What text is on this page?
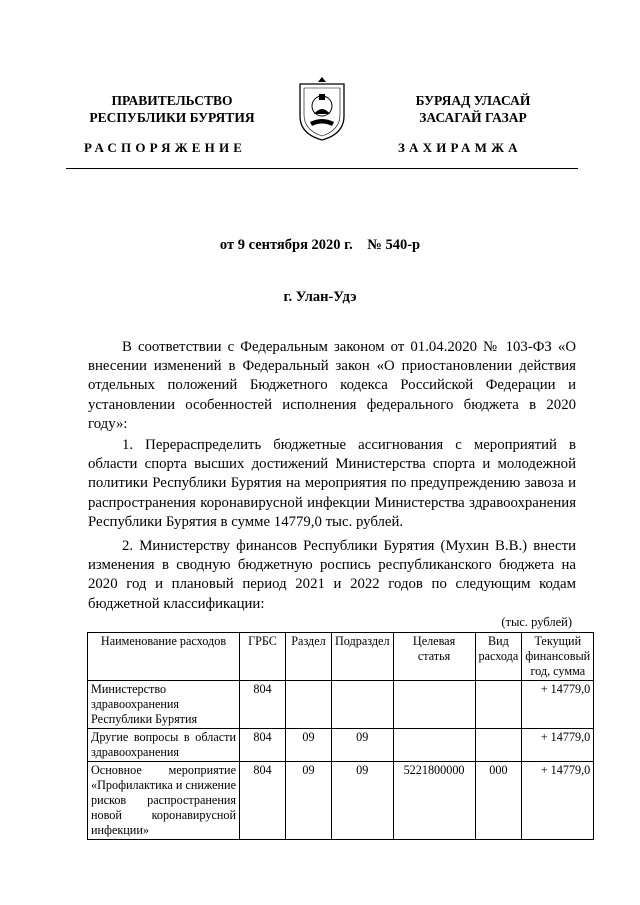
ПРАВИТЕЛЬСТВО
РЕСПУБЛИКИ БУРЯТИЯ
РАСПОРЯЖЕНИЕ
БУРЯАД УЛАСАЙ
ЗАСАГАЙ ГАЗАР
ЗАХИРАМЖА
от 9 сентября 2020 г.    № 540-р
г. Улан-Удэ
В соответствии с Федеральным законом от 01.04.2020 № 103-ФЗ «О внесении изменений в Федеральный закон «О приостановлении действия отдельных положений Бюджетного кодекса Российской Федерации и установлении особенностей исполнения федерального бюджета в 2020 году»:
1. Перераспределить бюджетные ассигнования с мероприятий в области спорта высших достижений Министерства спорта и молодежной политики Республики Бурятия на мероприятия по предупреждению завоза и распространения коронавирусной инфекции Министерства здравоохранения Республики Бурятия в сумме 14779,0 тыс. рублей.
2. Министерству финансов Республики Бурятия (Мухин В.В.) внести изменения в сводную бюджетную роспись республиканского бюджета на 2020 год и плановый период 2021 и 2022 годов по следующим кодам бюджетной классификации:
(тыс. рублей)
Наименование расходов	ГРБС	Раздел	Подраздел	Целевая статья	Вид расхода	Текущий финансовый год, сумма
Министерство здравоохранения Республики Бурятия	804					+ 14779,0
Другие вопросы в области здравоохранения	804	09	09			+ 14779,0
Основное мероприятие «Профилактика и снижение рисков распространения новой коронавирусной инфекции»	804	09	09	5221800000	000	+ 14779,0
